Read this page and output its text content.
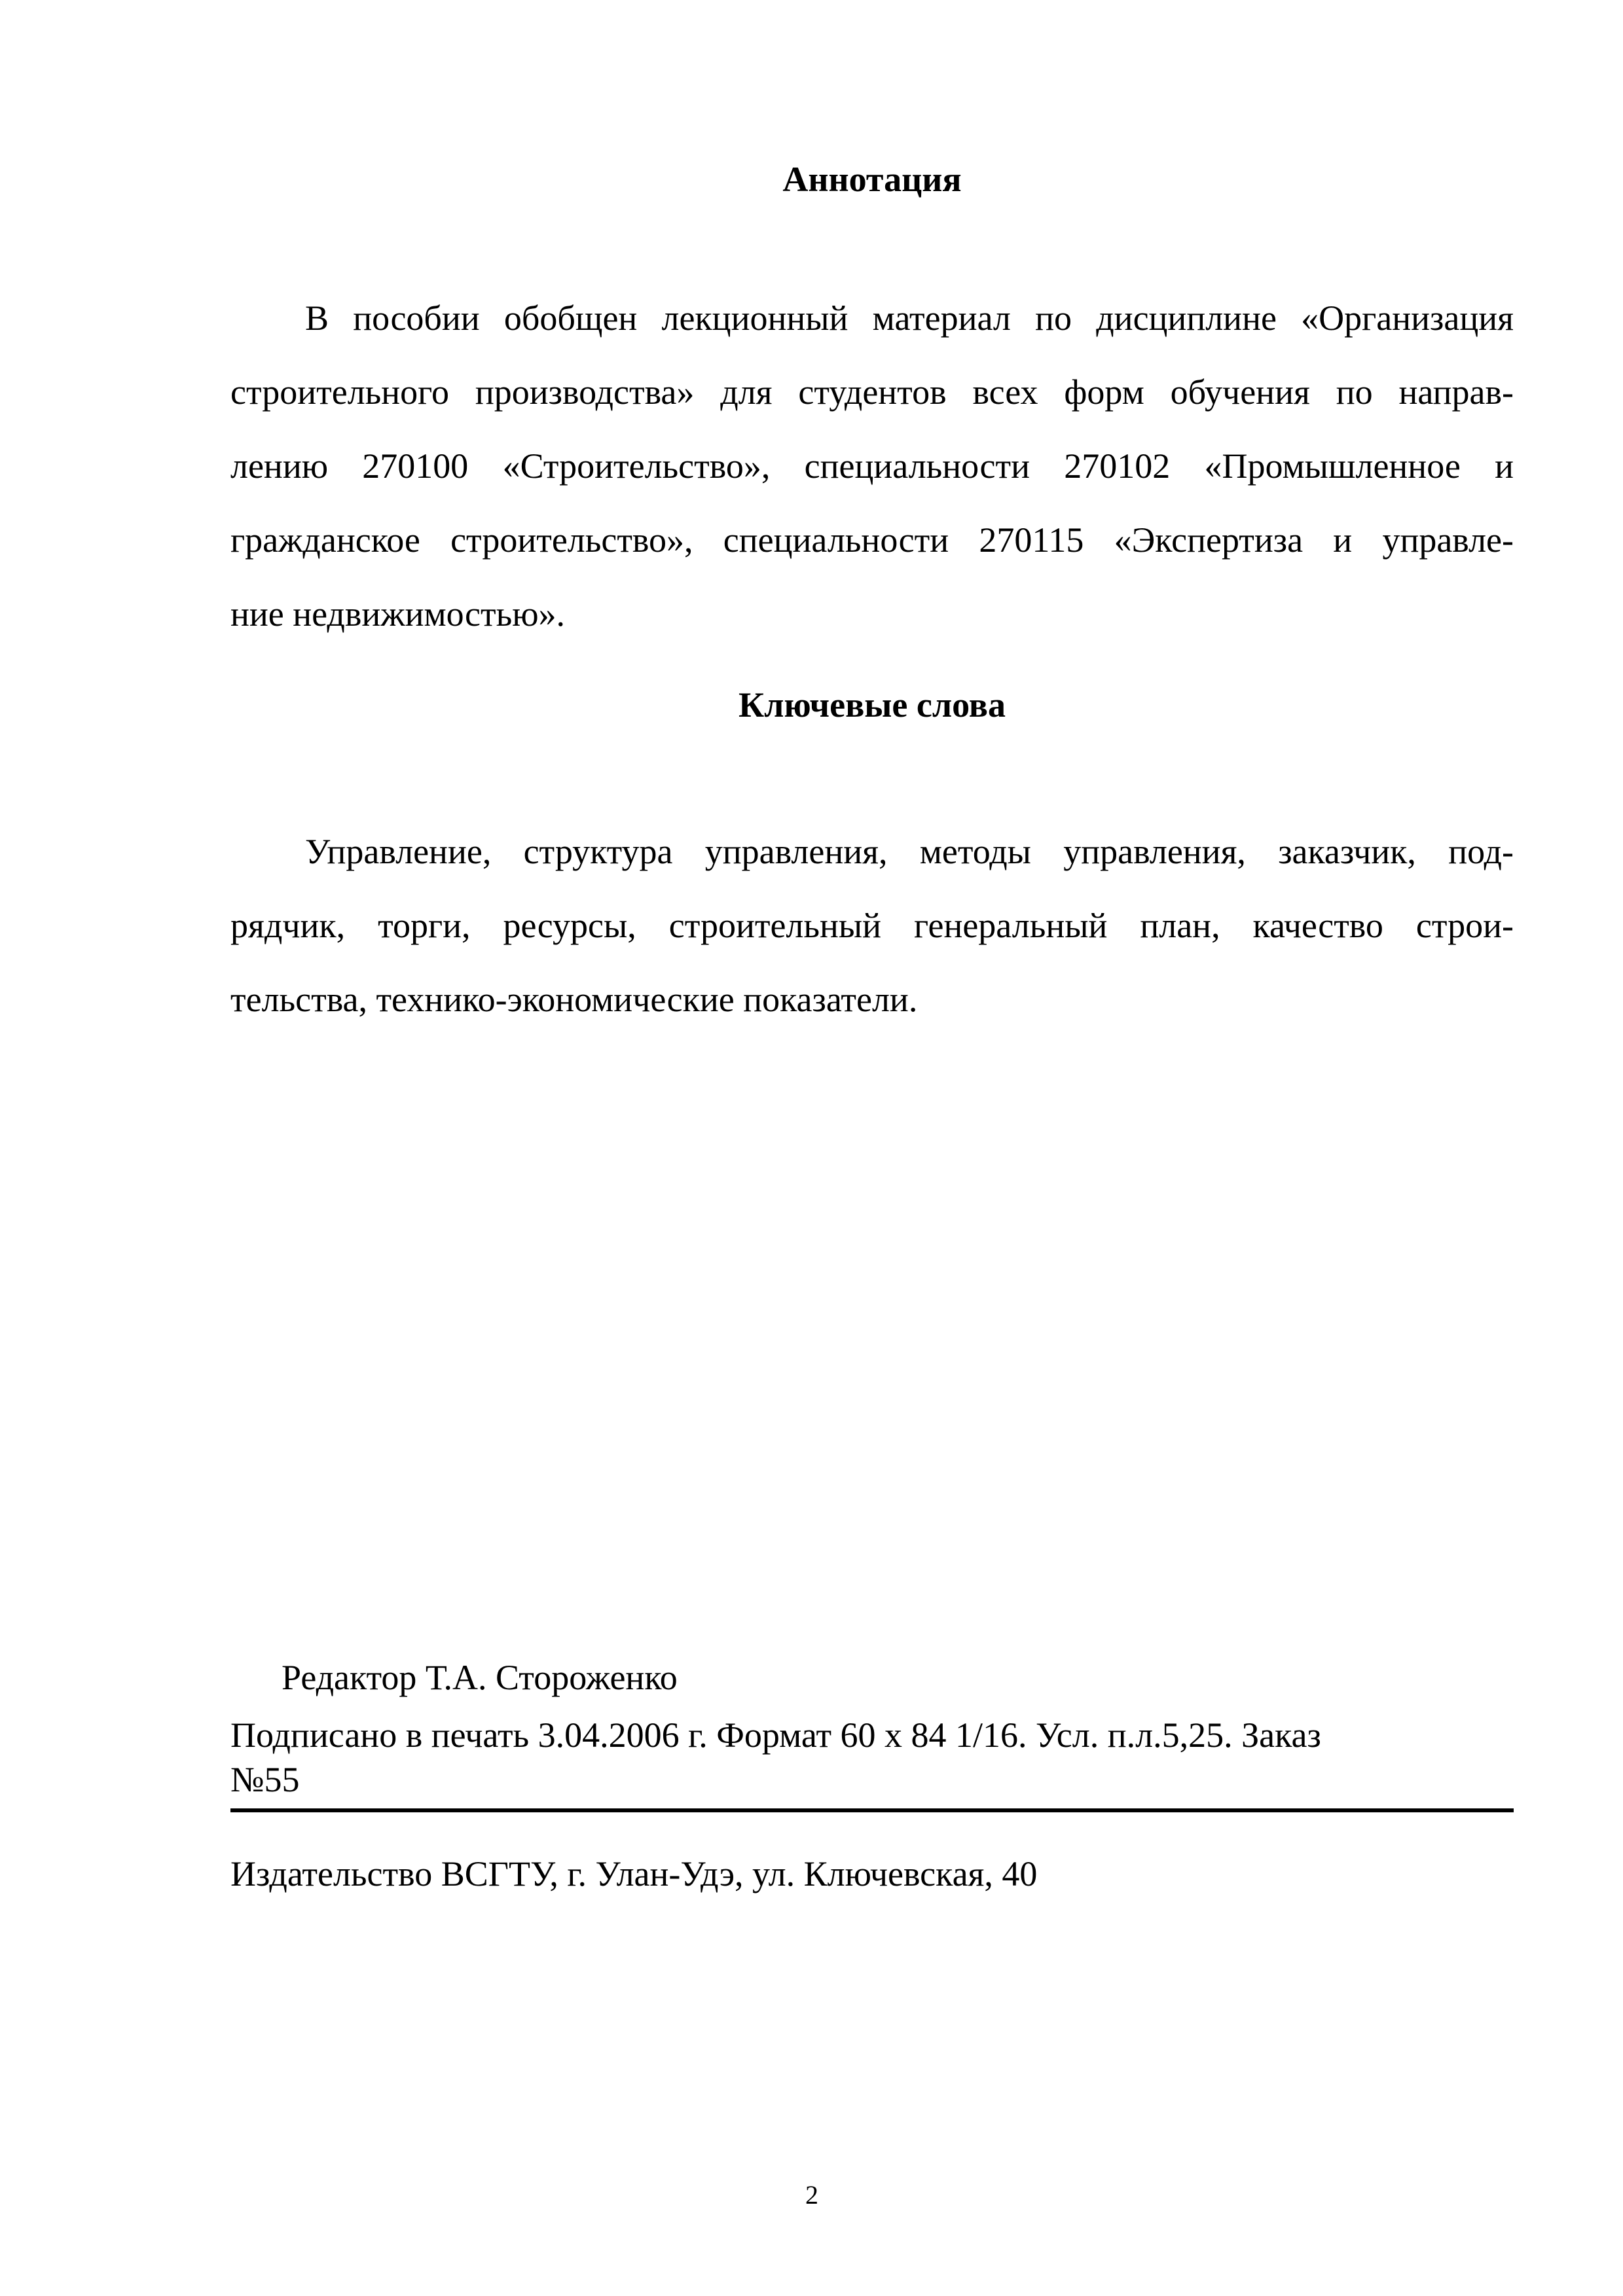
Аннотация
В пособии обобщен лекционный материал по дисциплине «Организация
строительного производства» для студентов всех форм обучения по направ-
лению 270100 «Строительство», специальности 270102 «Промышленное и
гражданское строительство», специальности 270115 «Экспертиза и управле-
ние недвижимостью».
Ключевые слова
Управление, структура управления, методы управления, заказчик, под-
рядчик, торги, ресурсы, строительный генеральный план, качество строи-
тельства, технико-экономические показатели.

Редактор Т.А. Стороженко

Подписано в печать 3.04.2006 г. Формат 60 х 84 1/16. Усл. п.л.5,25. Заказ

№55

Издательство ВСГТУ, г. Улан-Удэ, ул. Ключевская, 40

2
